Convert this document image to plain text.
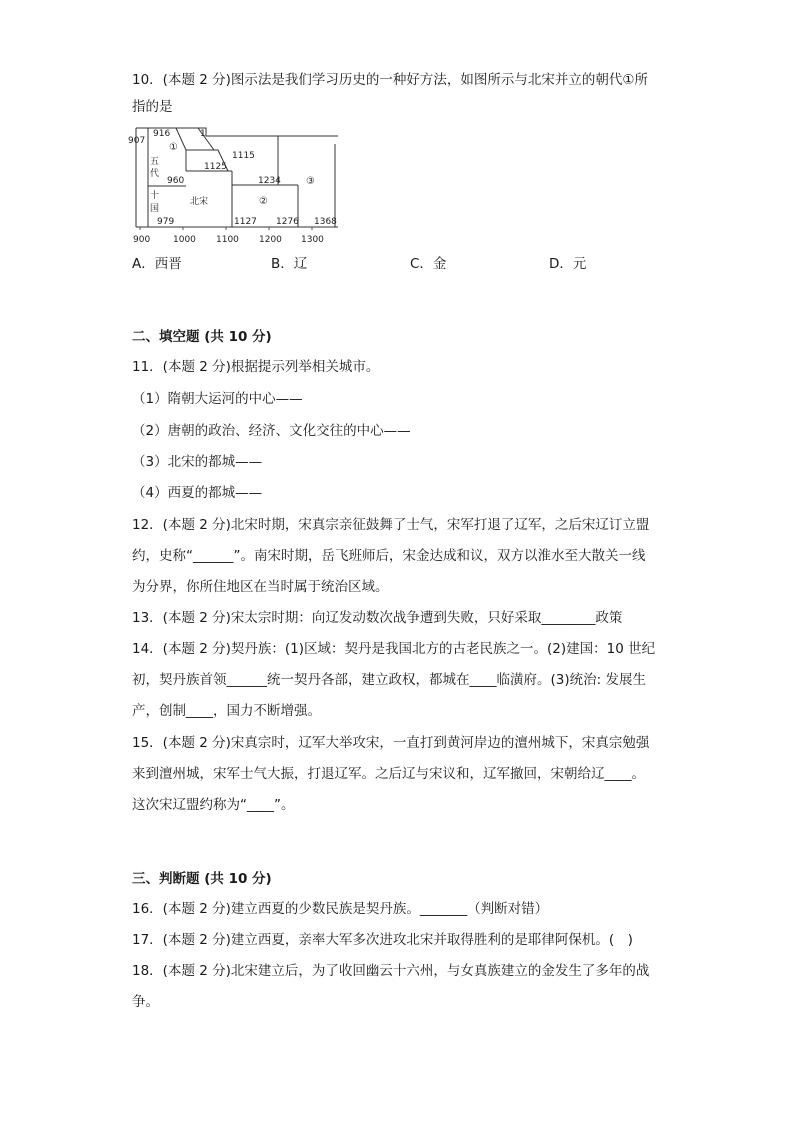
10．(本题 2 分)图示法是我们学习历史的一种好方法，如图所示与北宋并立的朝代①所
指的是
907
916	1
①
五
代
1115
1125
960	1234	③
十
国
北宋	②
979	1127 1276 1368
900	1000 1100 1200 1300
A．西晋	B．辽	C．金	D．元
二、填空题 (共 10 分)
11．(本题 2 分)根据提示列举相关城市。
（1）隋朝大运河的中心——
（2）唐朝的政治、经济、文化交往的中心——
（3）北宋的都城——
（4）西夏的都城——
12．(本题 2 分)北宋时期，宋真宗亲征鼓舞了士气，宋军打退了辽军，之后宋辽订立盟
约，史称“______”。南宋时期，岳飞班师后，宋金达成和议，双方以淮水至大散关一线
为分界，你所住地区在当时属于统治区域。
13．(本题 2 分)宋太宗时期：向辽发动数次战争遭到失败，只好采取________政策
14．(本题 2 分)契丹族：(1)区域：契丹是我国北方的古老民族之一。(2)建国：10 世纪
初，契丹族首领______统一契丹各部，建立政权，都城在____临潢府。(3)统治: 发展生
产，创制____，国力不断增强。
15．(本题 2 分)宋真宗时，辽军大举攻宋，一直打到黄河岸边的澶州城下，宋真宗勉强
来到澶州城，宋军士气大振，打退辽军。之后辽与宋议和，辽军撤回，宋朝给辽____。
这次宋辽盟约称为“____”。
三、判断题 (共 10 分)
16．(本题 2 分)建立西夏的少数民族是契丹族。_______（判断对错）
17．(本题 2 分)建立西夏，亲率大军多次进攻北宋并取得胜利的是耶律阿保机。(　)
18．(本题 2 分)北宋建立后，为了收回幽云十六州，与女真族建立的金发生了多年的战
争。
